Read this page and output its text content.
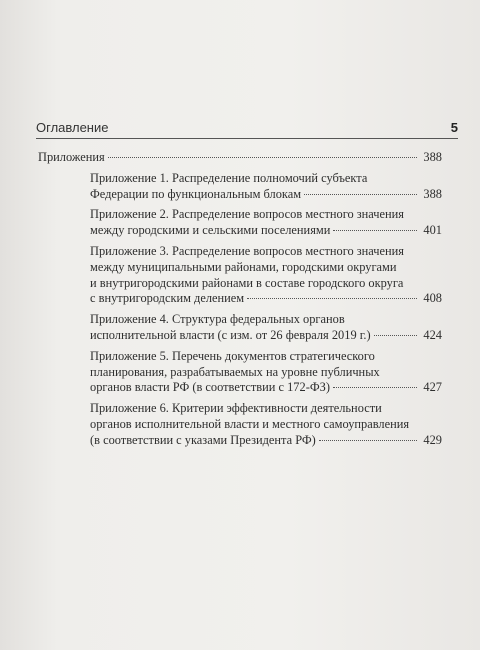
Оглавление	5
Приложения	388
Приложение 1. Распределение полномочий субъекта
Федерации по функциональным блокам	388
Приложение 2. Распределение вопросов местного значения
между городскими и сельскими поселениями	401
Приложение 3. Распределение вопросов местного значения
между муниципальными районами, городскими округами
и внутригородскими районами в составе городского округа
с внутригородским делением	408
Приложение 4. Структура федеральных органов
исполнительной власти (с изм. от 26 февраля 2019 г.)	424
Приложение 5. Перечень документов стратегического
планирования, разрабатываемых на уровне публичных
органов власти РФ (в соответствии с 172-ФЗ)	427
Приложение 6. Критерии эффективности деятельности
органов исполнительной власти и местного самоуправления
(в соответствии с указами Президента РФ)	429
